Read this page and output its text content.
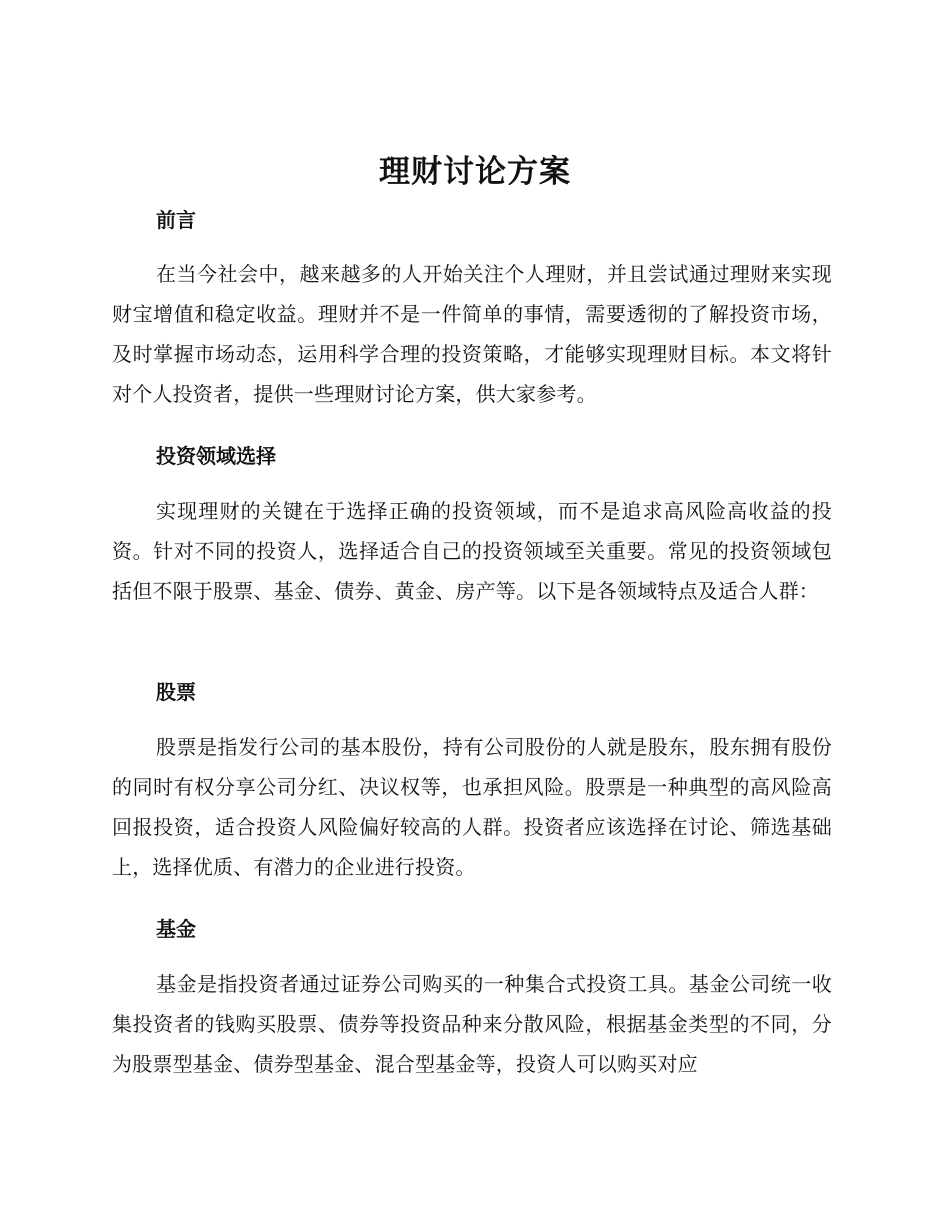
理财讨论方案
前言

在当今社会中，越来越多的人开始关注个人理财，并且尝试通过理财来实现财宝增值和稳定收益。理财并不是一件简单的事情，需要透彻的了解投资市场，及时掌握市场动态，运用科学合理的投资策略，才能够实现理财目标。本文将针对个人投资者，提供一些理财讨论方案，供大家参考。

投资领域选择

实现理财的关键在于选择正确的投资领域，而不是追求高风险高收益的投资。针对不同的投资人，选择适合自己的投资领域至关重要。常见的投资领域包括但不限于股票、基金、债券、黄金、房产等。以下是各领域特点及适合人群：

股票

股票是指发行公司的基本股份，持有公司股份的人就是股东，股东拥有股份的同时有权分享公司分红、决议权等，也承担风险。股票是一种典型的高风险高回报投资，适合投资人风险偏好较高的人群。投资者应该选择在讨论、筛选基础上，选择优质、有潜力的企业进行投资。

基金

基金是指投资者通过证券公司购买的一种集合式投资工具。基金公司统一收集投资者的钱购买股票、债券等投资品种来分散风险，根据基金类型的不同，分为股票型基金、债券型基金、混合型基金等，投资人可以购买对应
